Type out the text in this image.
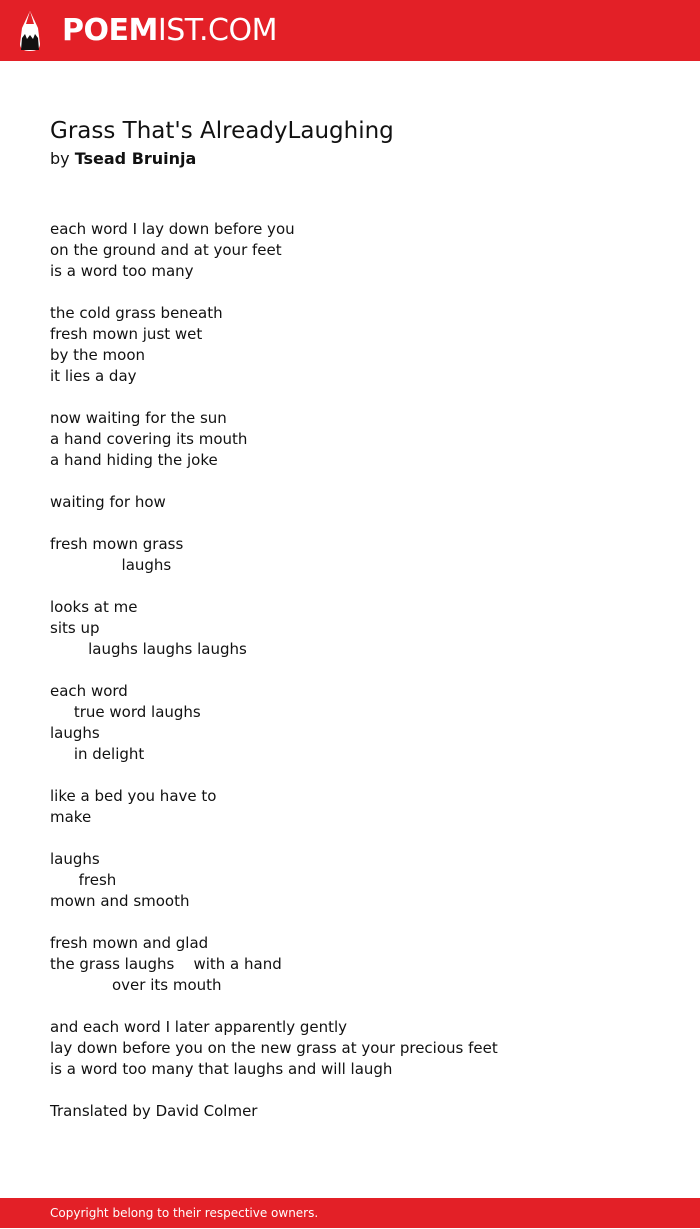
POEMIST.COM
Grass That's AlreadyLaughing
by Tsead Bruinja
each word I lay down before you
on the ground and at your feet
is a word too many
the cold grass beneath
fresh mown just wet
by the moon
it lies a day
now waiting for the sun
a hand covering its mouth
a hand hiding the joke
waiting for how
fresh mown grass
laughs
looks at me
sits up
laughs laughs laughs
each word
true word laughs
laughs
in delight
like a bed you have to
make
laughs
fresh
mown and smooth
fresh mown and glad
the grass laughs    with a hand
over its mouth
and each word I later apparently gently
lay down before you on the new grass at your precious feet
is a word too many that laughs and will laugh
Translated by David Colmer
Copyright belong to their respective owners.
